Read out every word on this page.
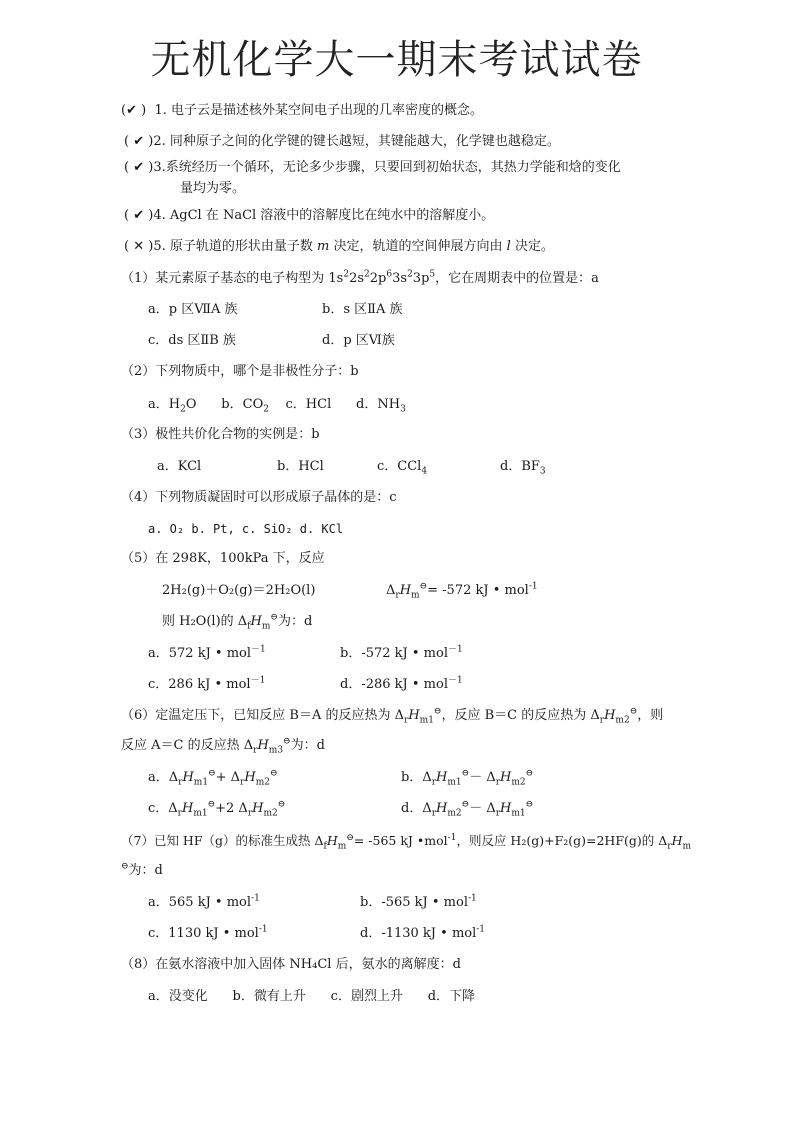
无机化学大一期末考试试卷
(✔ ) 1. 电子云是描述核外某空间电子出现的几率密度的概念。
( ✔ )2. 同种原子之间的化学键的键长越短，其键能越大，化学键也越稳定。
( ✔ )3.系统经历一个循环，无论多少步骤，只要回到初始状态，其热力学能和焓的变化
量均为零。
( ✔ )4. AgCl 在 NaCl 溶液中的溶解度比在纯水中的溶解度小。
( ✕ )5. 原子轨道的形状由量子数 m 决定，轨道的空间伸展方向由 l 决定。
（1）某元素原子基态的电子构型为 $1s^22s^22p^63s^23p^5$，它在周期表中的位置是：a
a．p 区ⅦA 族	b．s 区ⅡA 族
c．ds 区ⅡB 族	d．p 区Ⅵ族
（2）下列物质中，哪个是非极性分子：b
a．$H_2O$ b．$CO_2$ c．HCl d．$NH_3$
（3）极性共价化合物的实例是：b
a．KCl	b．HCl	c．CCl$_4$	d．$BF_3$
（4）下列物质凝固时可以形成原子晶体的是：c
a. O₂ b. Pt, c. SiO₂ d. KCl
（5）在 298K，100kPa 下，反应
2H₂(g)＋O₂(g)＝2H₂O(l)	$\Delta_rH_m^⊖= -572$ kJ • mol$^{-1}$
则 H₂O(l)的 $\Delta_fH_m^⊖$为：d
a．572 kJ • mol$^{-1}$	b．-572 kJ • mol$^{-1}$
c．286 kJ • mol$^{-1}$	d．-286 kJ • mol$^{-1}$
（6）定温定压下，已知反应 B＝A 的反应热为 $\Delta_rH_{m1}^⊖$，反应 B＝C 的反应热为 $\Delta_rH_{m2}^⊖$，则
反应 A＝C 的反应热 $\Delta_rH_{m3}^⊖$为：d
a．$\Delta_rH_{m1}^⊖+ \Delta_rH_{m2}^⊖$	b．$\Delta_rH_{m1}^⊖- \Delta_rH_{m2}^⊖$
c．$\Delta_rH_{m1}^⊖+2$ $\Delta_rH_{m2}^⊖$	d．$\Delta_rH_{m2}^⊖- \Delta_rH_{m1}^⊖$
（7）已知 HF（g）的标准生成热 $\Delta_fH_m^⊖= -565$ kJ •mol$^{-1}$，则反应 H₂(g)+F₂(g)=2HF(g)的 $\Delta_rH_m$
⊖为：d
a．565 kJ • mol$^{-1}$	b．-565 kJ • mol$^{-1}$
c．1130 kJ • mol$^{-1}$	d．-1130 kJ • mol$^{-1}$
（8）在氨水溶液中加入固体 NH₄Cl 后，氨水的离解度：d
a．没变化      b．微有上升      c．剧烈上升      d．下降
